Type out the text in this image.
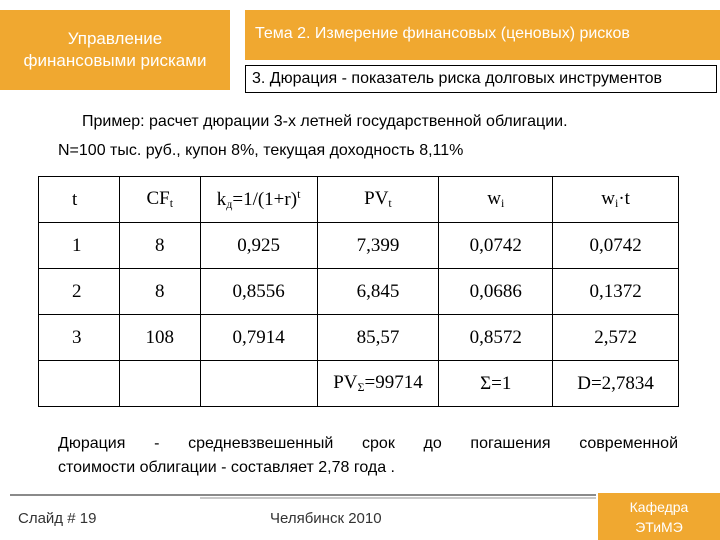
Управление
финансовыми рисками
Тема 2. Измерение финансовых (ценовых) рисков
3. Дюрация - показатель риска долговых инструментов
Пример: расчет дюрации 3-х летней государственной облигации.
N=100 тыс. руб., купон 8%, текущая доходность 8,11%
t	$CF_t$	$k_д=1/(1+r)^t$	$PV_t$	$w_i$	$w_i\cdot t$
1	8	0,925	7,399	0,0742	0,0742
2	8	0,8556	6,845	0,0686	0,1372
3	108	0,7914	85,57	0,8572	2,572
			$PV_\Sigma=99714$	Σ=1	D=2,7834
Дюрация - средневзвешенный срок до погашения современной
стоимости облигации - составляет 2,78 года .
Слайд # 19	Челябинск 2010
Кафедра
ЭТиМЭ
